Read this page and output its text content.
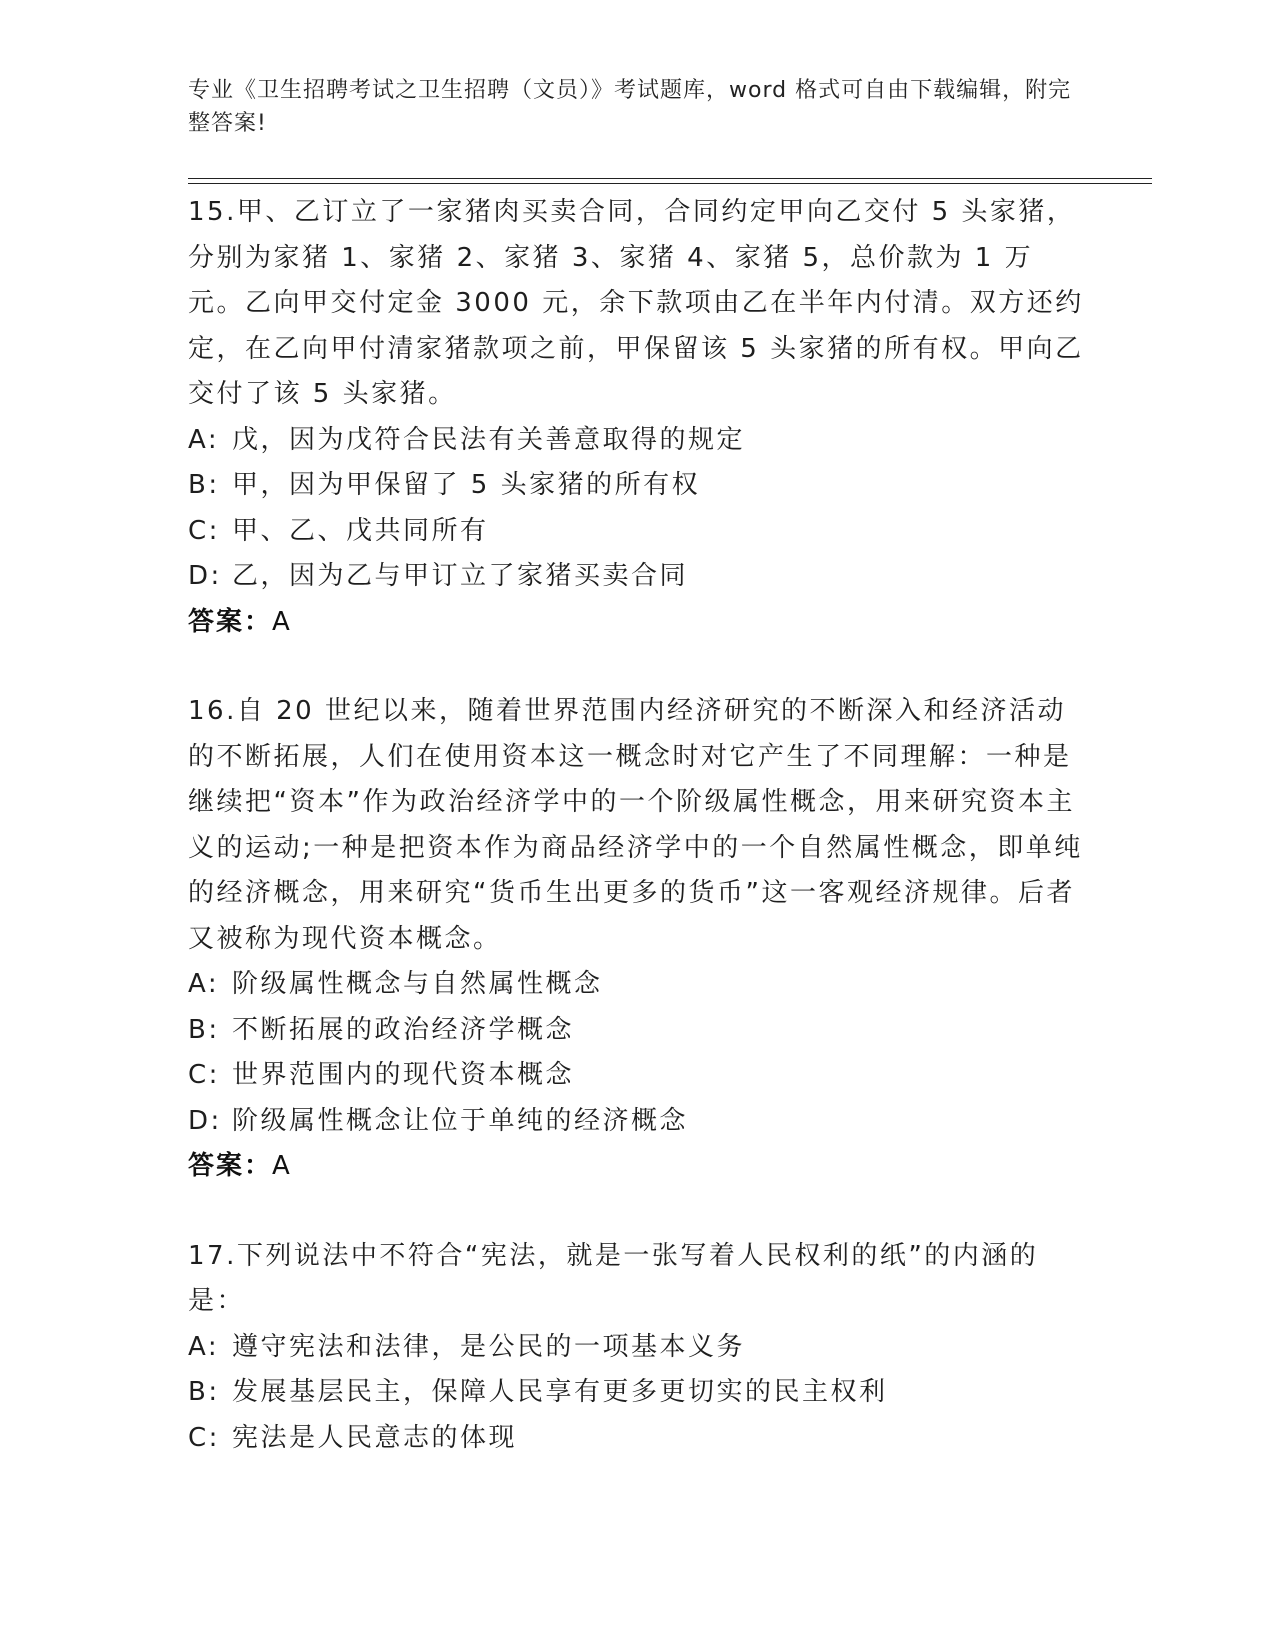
专业《卫生招聘考试之卫生招聘（文员）》考试题库，word 格式可自由下载编辑，附完整答案!

15.甲、乙订立了一家猪肉买卖合同，合同约定甲向乙交付 5 头家猪，分别为家猪 1、家猪 2、家猪 3、家猪 4、家猪 5，总价款为 1 万元。乙向甲交付定金 3000 元，余下款项由乙在半年内付清。双方还约定，在乙向甲付清家猪款项之前，甲保留该 5 头家猪的所有权。甲向乙交付了该 5 头家猪。

A: 戊，因为戊符合民法有关善意取得的规定

B: 甲，因为甲保留了 5 头家猪的所有权

C: 甲、乙、戊共同所有

D: 乙，因为乙与甲订立了家猪买卖合同

答案：A

16.自 20 世纪以来，随着世界范围内经济研究的不断深入和经济活动的不断拓展，人们在使用资本这一概念时对它产生了不同理解：一种是继续把“资本”作为政治经济学中的一个阶级属性概念，用来研究资本主义的运动;一种是把资本作为商品经济学中的一个自然属性概念，即单纯的经济概念，用来研究“货币生出更多的货币”这一客观经济规律。后者又被称为现代资本概念。

A: 阶级属性概念与自然属性概念

B: 不断拓展的政治经济学概念

C: 世界范围内的现代资本概念

D: 阶级属性概念让位于单纯的经济概念

答案：A

17.下列说法中不符合“宪法，就是一张写着人民权利的纸”的内涵的是：

A: 遵守宪法和法律，是公民的一项基本义务

B: 发展基层民主，保障人民享有更多更切实的民主权利

C: 宪法是人民意志的体现
